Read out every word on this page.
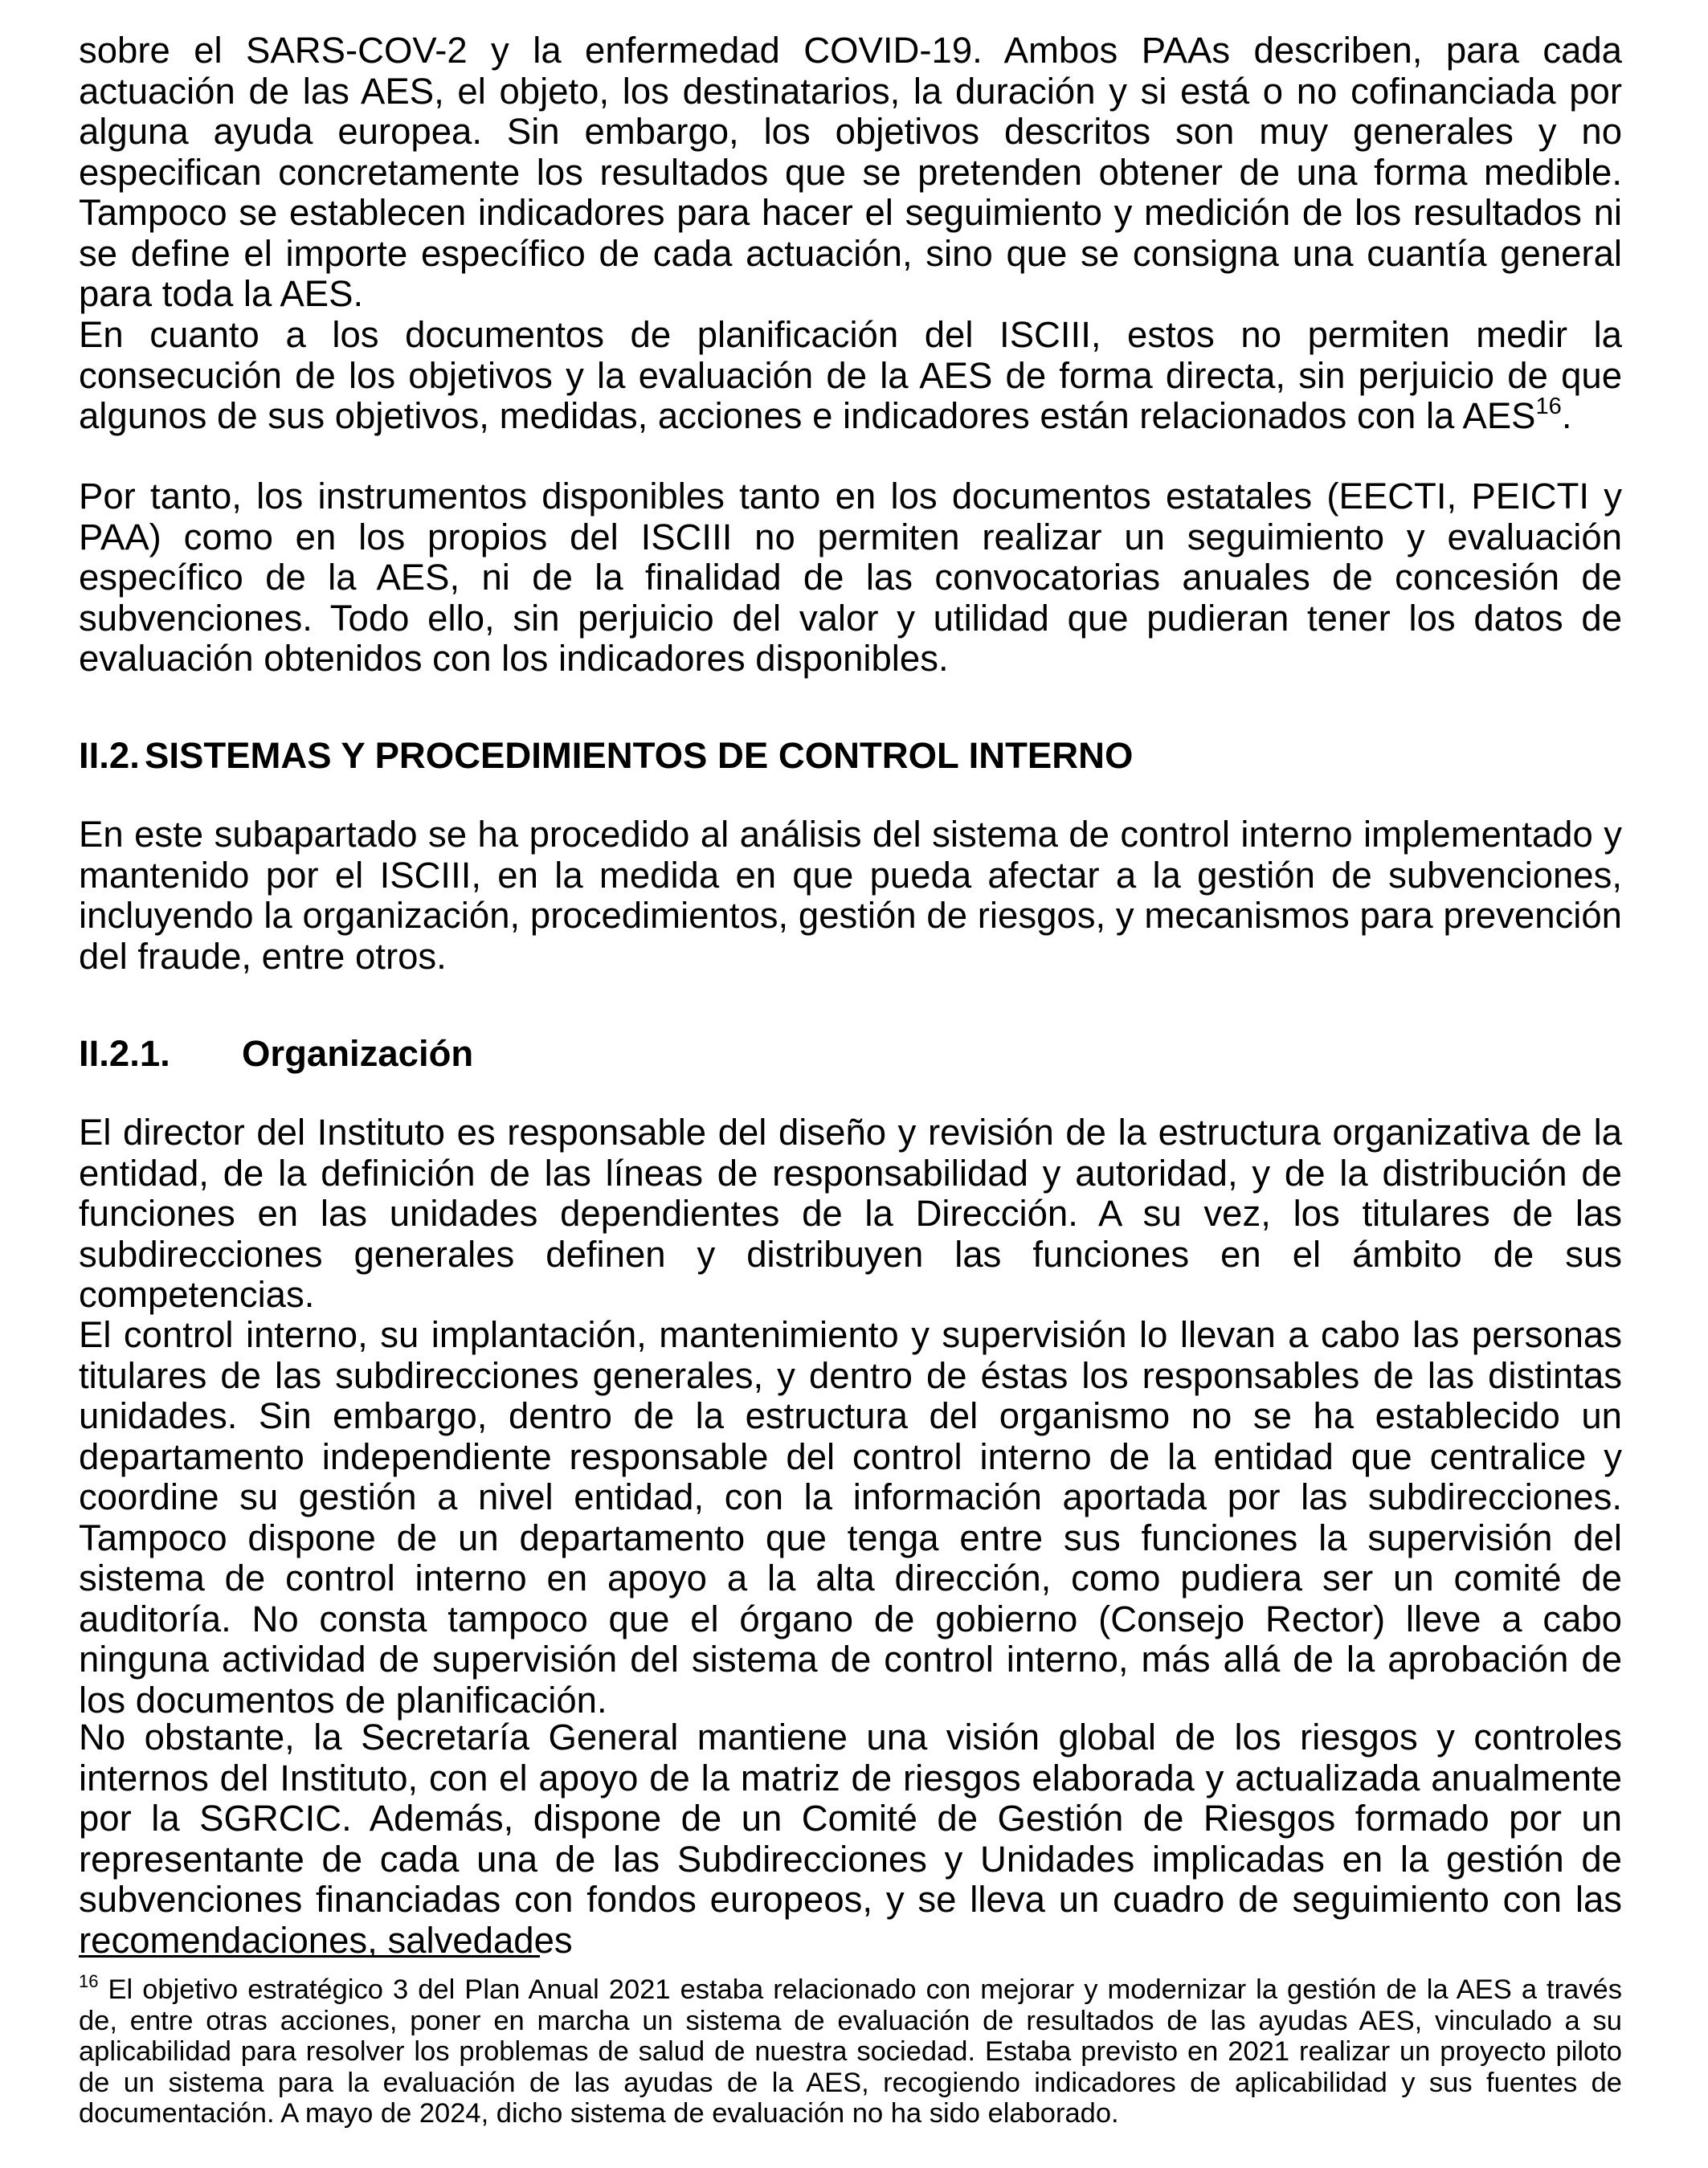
sobre el SARS-COV-2 y la enfermedad COVID-19. Ambos PAAs describen, para cada actuación de las AES, el objeto, los destinatarios, la duración y si está o no cofinanciada por alguna ayuda europea. Sin embargo, los objetivos descritos son muy generales y no especifican concretamente los resultados que se pretenden obtener de una forma medible. Tampoco se establecen indicadores para hacer el seguimiento y medición de los resultados ni se define el importe específico de cada actuación, sino que se consigna una cuantía general para toda la AES.

En cuanto a los documentos de planificación del ISCIII, estos no permiten medir la consecución de los objetivos y la evaluación de la AES de forma directa, sin perjuicio de que algunos de sus objetivos, medidas, acciones e indicadores están relacionados con la AES$^{16}$.

Por tanto, los instrumentos disponibles tanto en los documentos estatales (EECTI, PEICTI y PAA) como en los propios del ISCIII no permiten realizar un seguimiento y evaluación específico de la AES, ni de la finalidad de las convocatorias anuales de concesión de subvenciones. Todo ello, sin perjuicio del valor y utilidad que pudieran tener los datos de evaluación obtenidos con los indicadores disponibles.

II.2. SISTEMAS Y PROCEDIMIENTOS DE CONTROL INTERNO

En este subapartado se ha procedido al análisis del sistema de control interno implementado y mantenido por el ISCIII, en la medida en que pueda afectar a la gestión de subvenciones, incluyendo la organización, procedimientos, gestión de riesgos, y mecanismos para prevención del fraude, entre otros.

II.2.1. Organización

El director del Instituto es responsable del diseño y revisión de la estructura organizativa de la entidad, de la definición de las líneas de responsabilidad y autoridad, y de la distribución de funciones en las unidades dependientes de la Dirección. A su vez, los titulares de las subdirecciones generales definen y distribuyen las funciones en el ámbito de sus competencias.

El control interno, su implantación, mantenimiento y supervisión lo llevan a cabo las personas titulares de las subdirecciones generales, y dentro de éstas los responsables de las distintas unidades. Sin embargo, dentro de la estructura del organismo no se ha establecido un departamento independiente responsable del control interno de la entidad que centralice y coordine su gestión a nivel entidad, con la información aportada por las subdirecciones. Tampoco dispone de un departamento que tenga entre sus funciones la supervisión del sistema de control interno en apoyo a la alta dirección, como pudiera ser un comité de auditoría. No consta tampoco que el órgano de gobierno (Consejo Rector) lleve a cabo ninguna actividad de supervisión del sistema de control interno, más allá de la aprobación de los documentos de planificación.

No obstante, la Secretaría General mantiene una visión global de los riesgos y controles internos del Instituto, con el apoyo de la matriz de riesgos elaborada y actualizada anualmente por la SGRCIC. Además, dispone de un Comité de Gestión de Riesgos formado por un representante de cada una de las Subdirecciones y Unidades implicadas en la gestión de subvenciones financiadas con fondos europeos, y se lleva un cuadro de seguimiento con las recomendaciones, salvedades

$^{16}$ El objetivo estratégico 3 del Plan Anual 2021 estaba relacionado con mejorar y modernizar la gestión de la AES a través de, entre otras acciones, poner en marcha un sistema de evaluación de resultados de las ayudas AES, vinculado a su aplicabilidad para resolver los problemas de salud de nuestra sociedad. Estaba previsto en 2021 realizar un proyecto piloto de un sistema para la evaluación de las ayudas de la AES, recogiendo indicadores de aplicabilidad y sus fuentes de documentación. A mayo de 2024, dicho sistema de evaluación no ha sido elaborado.
